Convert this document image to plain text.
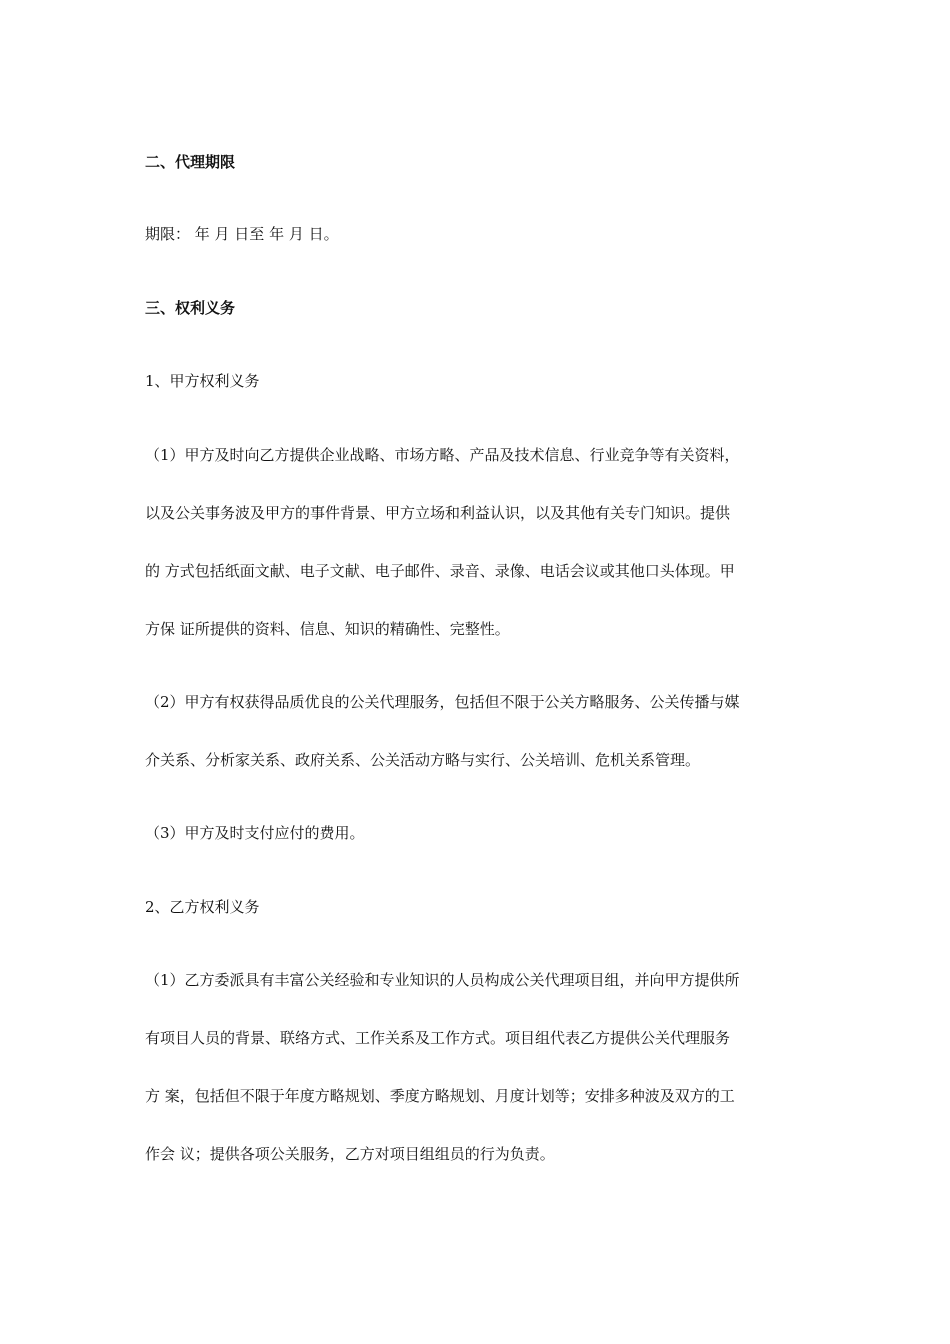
二、代理期限
期限： 年 月 日至 年 月 日。
三、权利义务
1、甲方权利义务
（1）甲方及时向乙方提供企业战略、市场方略、产品及技术信息、行业竞争等有关资料，
以及公关事务波及甲方的事件背景、甲方立场和利益认识，以及其他有关专门知识。提供
的 方式包括纸面文献、电子文献、电子邮件、录音、录像、电话会议或其他口头体现。甲
方保 证所提供的资料、信息、知识的精确性、完整性。
（2）甲方有权获得品质优良的公关代理服务，包括但不限于公关方略服务、公关传播与媒
介关系、分析家关系、政府关系、公关活动方略与实行、公关培训、危机关系管理。
（3）甲方及时支付应付的费用。
2、乙方权利义务
（1）乙方委派具有丰富公关经验和专业知识的人员构成公关代理项目组，并向甲方提供所
有项目人员的背景、联络方式、工作关系及工作方式。项目组代表乙方提供公关代理服务
方 案，包括但不限于年度方略规划、季度方略规划、月度计划等；安排多种波及双方的工
作会 议；提供各项公关服务，乙方对项目组组员的行为负责。
